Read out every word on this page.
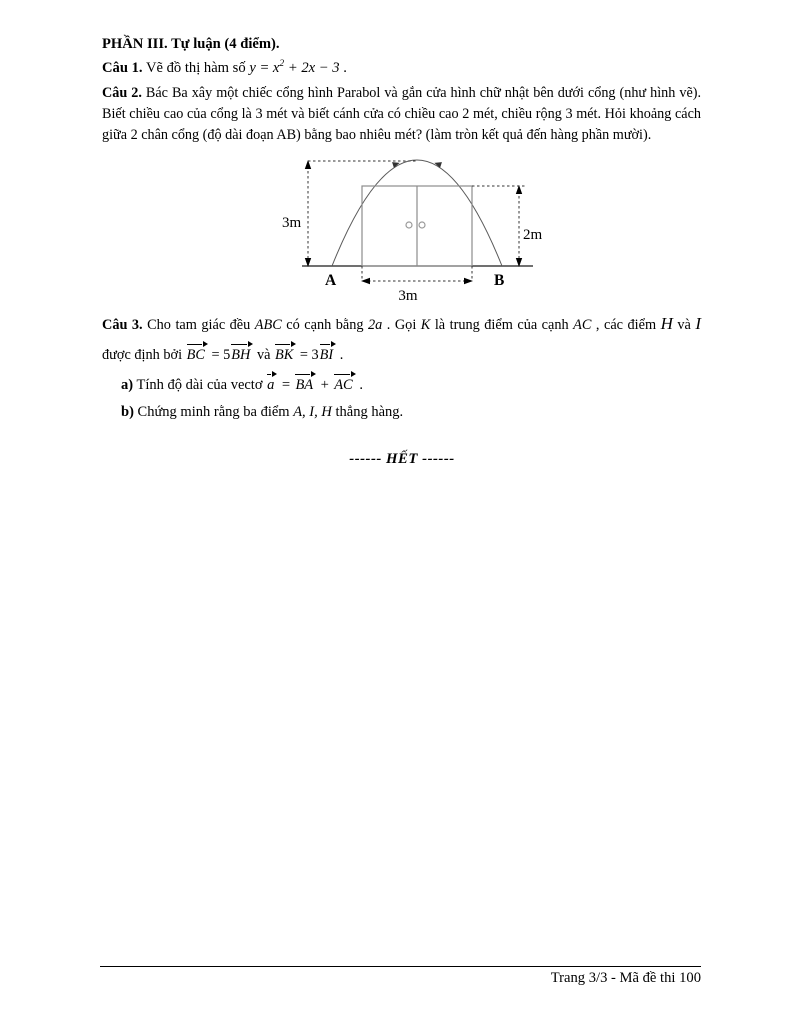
PHẦN III. Tự luận (4 điểm).
Câu 1. Vẽ đồ thị hàm số $y = x^2 + 2x - 3$ .
Câu 2. Bác Ba xây một chiếc cổng hình Parabol và gắn cửa hình chữ nhật bên dưới cổng (như hình vẽ).
Biết chiều cao của cổng là 3 mét và biết cánh cửa có chiều cao 2 mét, chiều rộng 3 mét. Hỏi khoảng cách
giữa 2 chân cổng (độ dài đoạn AB) bằng bao nhiêu mét? (làm tròn kết quả đến hàng phần mười).
3m
2m
3m
A	B
Câu 3. Cho tam giác đều ABC có cạnh bằng 2a . Gọi K là trung điểm của cạnh AC , các điểm H và I
được định bởi BC = 5BH và BK = 3BI .
a) Tính độ dài của vectơ a = BA + AC .
b) Chứng minh rằng ba điểm A, I, H thẳng hàng.
------ HẾT ------
Trang 3/3 - Mã đề thi 100
